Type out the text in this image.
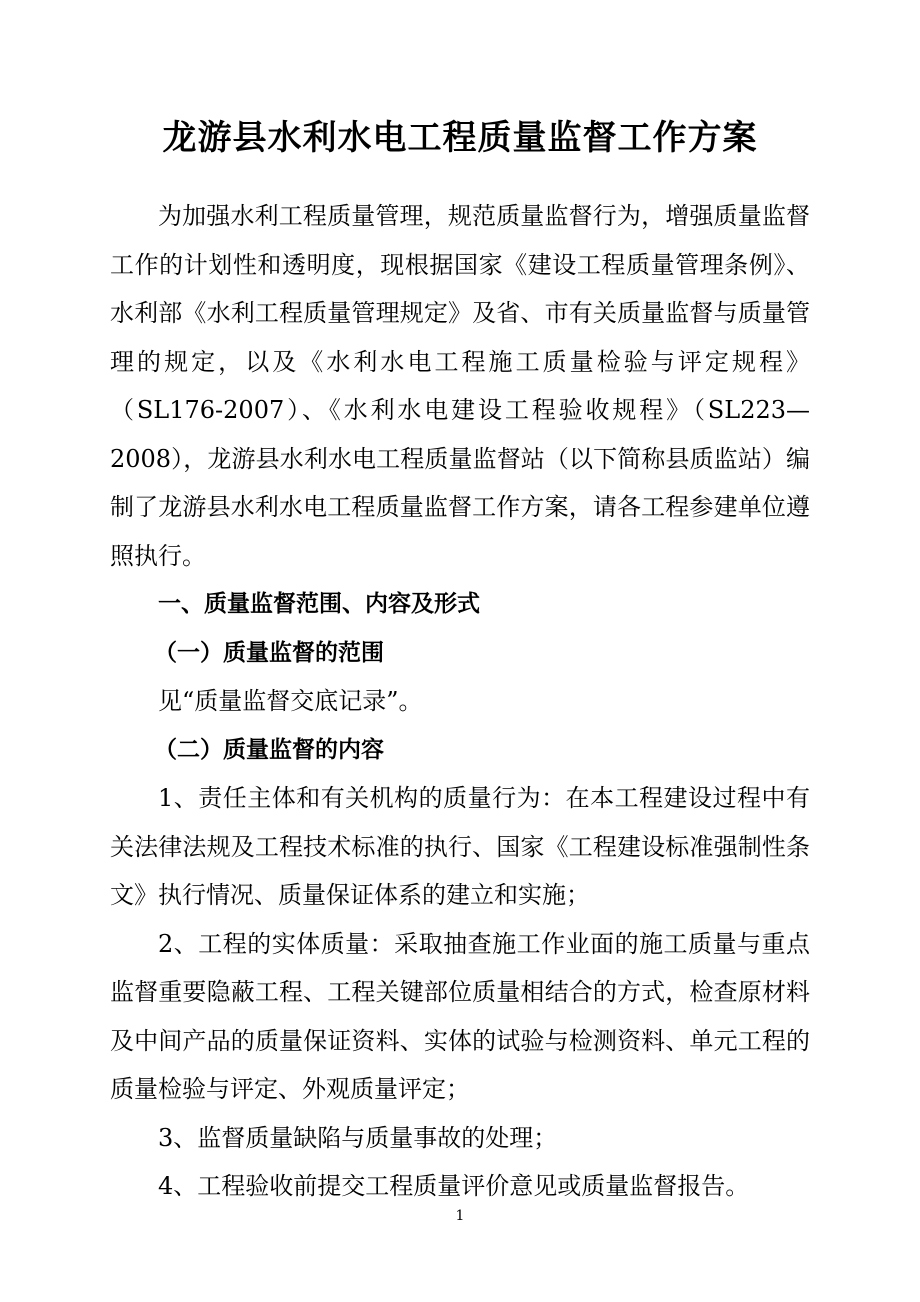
龙游县水利水电工程质量监督工作方案

为加强水利工程质量管理，规范质量监督行为，增强质量监督工作的计划性和透明度，现根据国家《建设工程质量管理条例》、水利部《水利工程质量管理规定》及省、市有关质量监督与质量管理的规定，以及《水利水电工程施工质量检验与评定规程》（SL176-2007）、《水利水电建设工程验收规程》（SL223—2008），龙游县水利水电工程质量监督站（以下简称县质监站）编制了龙游县水利水电工程质量监督工作方案，请各工程参建单位遵照执行。

一、质量监督范围、内容及形式

（一）质量监督的范围

见“质量监督交底记录”。

（二）质量监督的内容

1、责任主体和有关机构的质量行为：在本工程建设过程中有关法律法规及工程技术标准的执行、国家《工程建设标准强制性条文》执行情况、质量保证体系的建立和实施；

2、工程的实体质量：采取抽查施工作业面的施工质量与重点监督重要隐蔽工程、工程关键部位质量相结合的方式，检查原材料及中间产品的质量保证资料、实体的试验与检测资料、单元工程的质量检验与评定、外观质量评定；

3、监督质量缺陷与质量事故的处理；

4、工程验收前提交工程质量评价意见或质量监督报告。

1
